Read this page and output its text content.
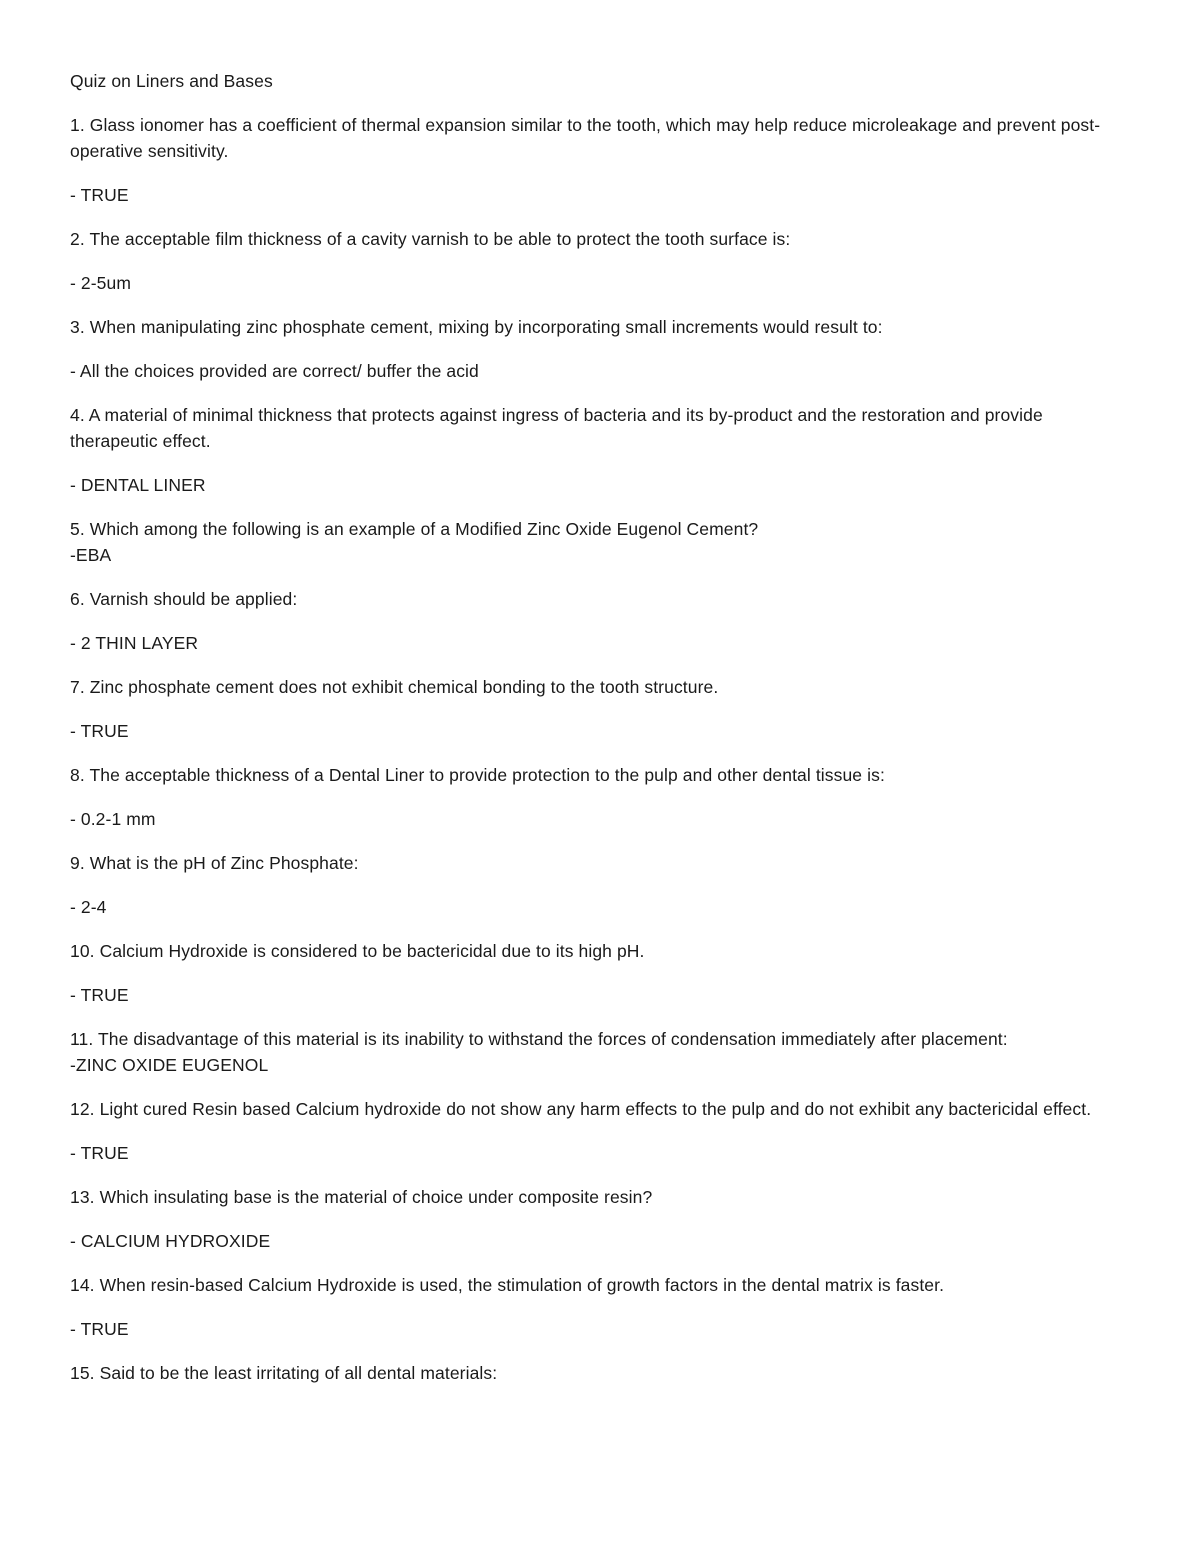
Quiz on Liners and Bases

1. Glass ionomer has a coefficient of thermal expansion similar to the tooth, which may help reduce microleakage and prevent post-operative sensitivity.

- TRUE

2. The acceptable film thickness of a cavity varnish to be able to protect the tooth surface is:

- 2-5um

3. When manipulating zinc phosphate cement, mixing by incorporating small increments would result to:

- All the choices provided are correct/ buffer the acid

4. A material of minimal thickness that protects against ingress of bacteria and its by-product and the restoration and provide therapeutic effect.

- DENTAL LINER

5. Which among the following is an example of a Modified Zinc Oxide Eugenol Cement?

-EBA

6. Varnish should be applied:

- 2 THIN LAYER

7. Zinc phosphate cement does not exhibit chemical bonding to the tooth structure.

- TRUE

8. The acceptable thickness of a Dental Liner to provide protection to the pulp and other dental tissue is:

- 0.2-1 mm

9. What is the pH of Zinc Phosphate:

- 2-4

10. Calcium Hydroxide is considered to be bactericidal due to its high pH.

- TRUE

11. The disadvantage of this material is its inability to withstand the forces of condensation immediately after placement:

-ZINC OXIDE EUGENOL

12. Light cured Resin based Calcium hydroxide do not show any harm effects to the pulp and do not exhibit any bactericidal effect.

- TRUE

13. Which insulating base is the material of choice under composite resin?

- CALCIUM HYDROXIDE

14. When resin-based Calcium Hydroxide is used, the stimulation of growth factors in the dental matrix is faster.

- TRUE

15. Said to be the least irritating of all dental materials:
